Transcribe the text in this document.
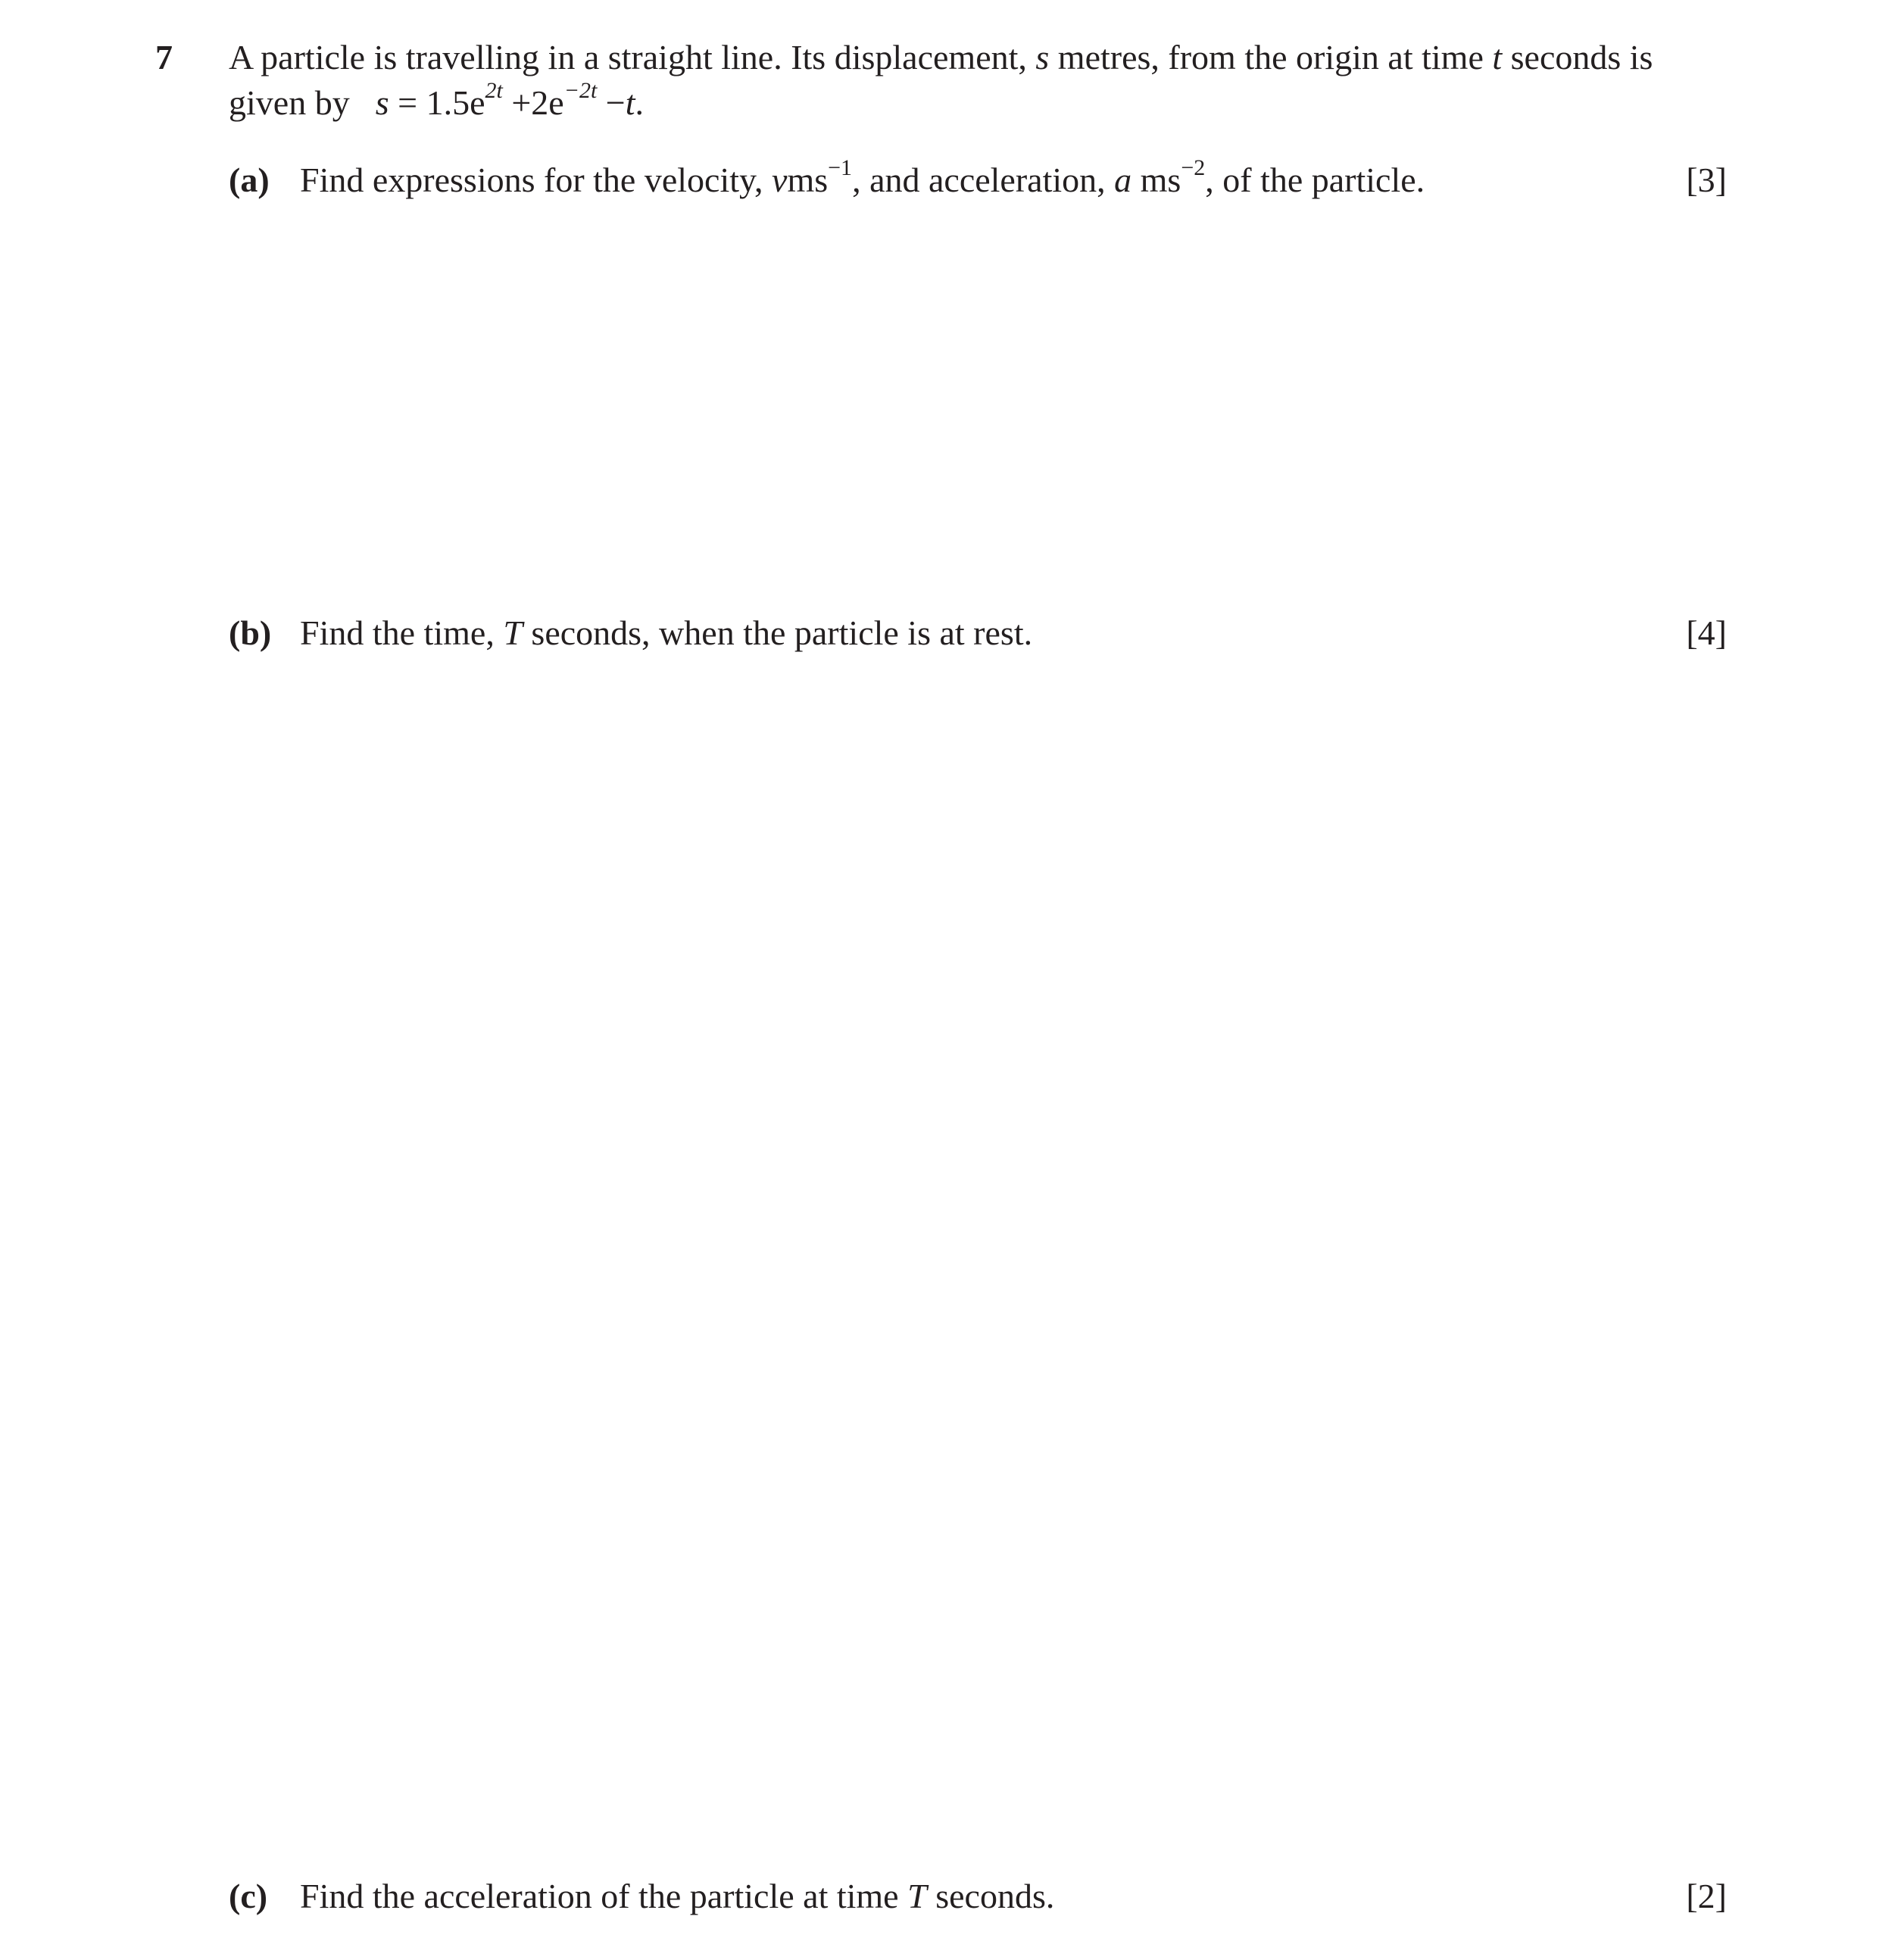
7 A particle is travelling in a straight line. Its displacement, s metres, from the origin at time t seconds is
given by $s = 1.5e^{2t} +2e^{-2t} -t$.
(a) Find expressions for the velocity, vms$^{-1}$, and acceleration, a $ms^{-2}$, of the particle.	[3]
(b) Find the time, T seconds, when the particle is at rest.	[4]
(c) Find the acceleration of the particle at time T seconds.	[2]
